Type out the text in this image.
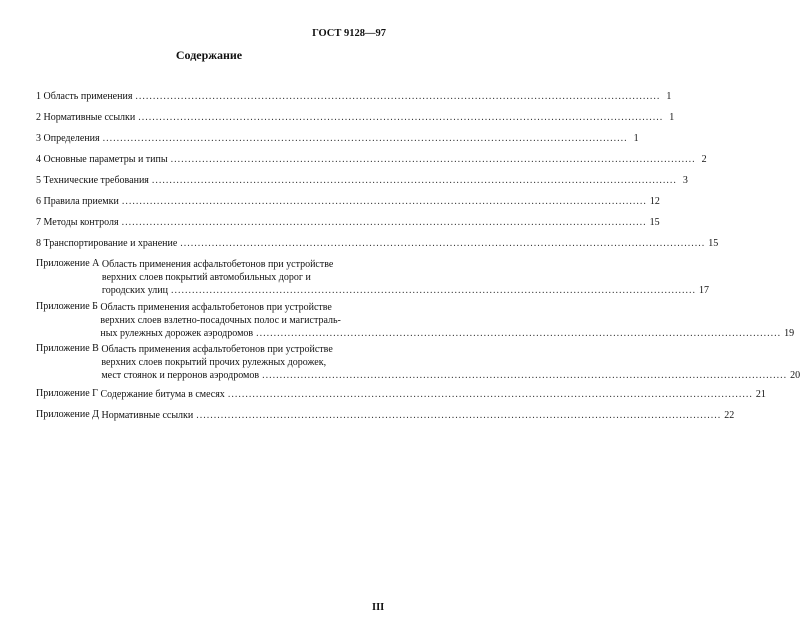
ГОСТ 9128—97
Содержание
1 Область применения .....	1
2 Нормативные ссылки .....	1
3 Определения .....	1
4 Основные параметры и типы .....	2
5 Технические требования .....	3
6 Правила приемки .....	12
7 Методы контроля .....	15
8 Транспортирование и хранение .....	15
Приложение А
Область применения асфальтобетонов при устройстве
верхних слоев покрытий автомобильных дорог и
городских улиц .....	17
Приложение Б
Область применения асфальтобетонов при устройстве
верхних слоев взлетно-посадочных полос и магистраль-
ных рулежных дорожек аэродромов .....	19
Приложение В
Область применения асфальтобетонов при устройстве
верхних слоев покрытий прочих рулежных дорожек,
мест стоянок и перронов аэродромов .....	20
Приложение Г
Содержание битума в смесях .....	21
Приложение Д
Нормативные ссылки .....	22
III
